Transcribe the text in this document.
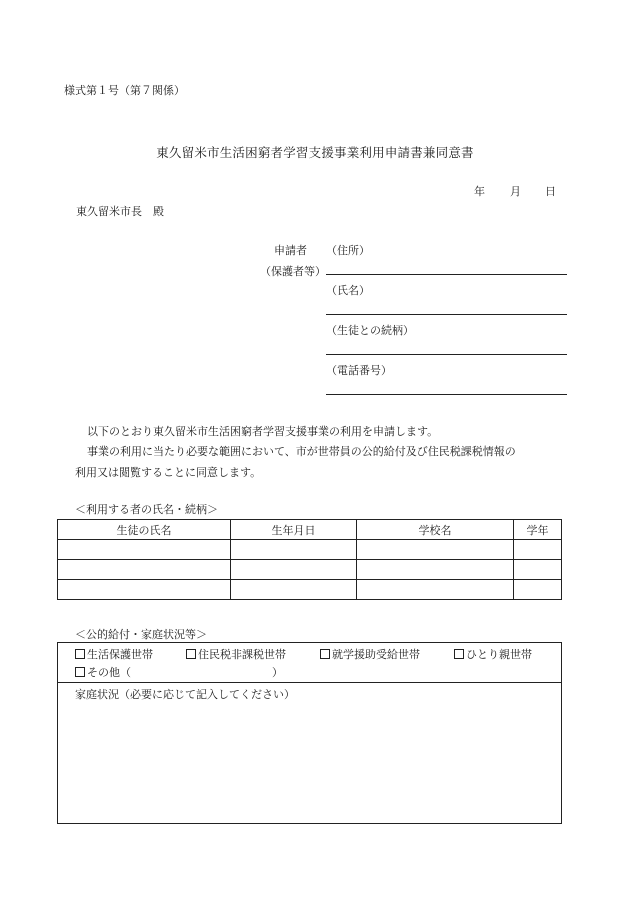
様式第１号（第７関係）
東久留米市生活困窮者学習支援事業利用申請書兼同意書
年 月 日
東久留米市長　殿
申請者
（保護者等）
（住所）
（氏名）
（生徒との続柄）
（電話番号）
以下のとおり東久留米市生活困窮者学習支援事業の利用を申請します。
事業の利用に当たり必要な範囲において、市が世帯員の公的給付及び住民税課税情報の
利用又は閲覧することに同意します。
＜利用する者の氏名・続柄＞
生徒の氏名	生年月日	学校名	学年

＜公的給付・家庭状況等＞
生活保護世帯	住民税非課税世帯	就学援助受給世帯	ひとり親世帯
その他（	）
家庭状況（必要に応じて記入してください）
